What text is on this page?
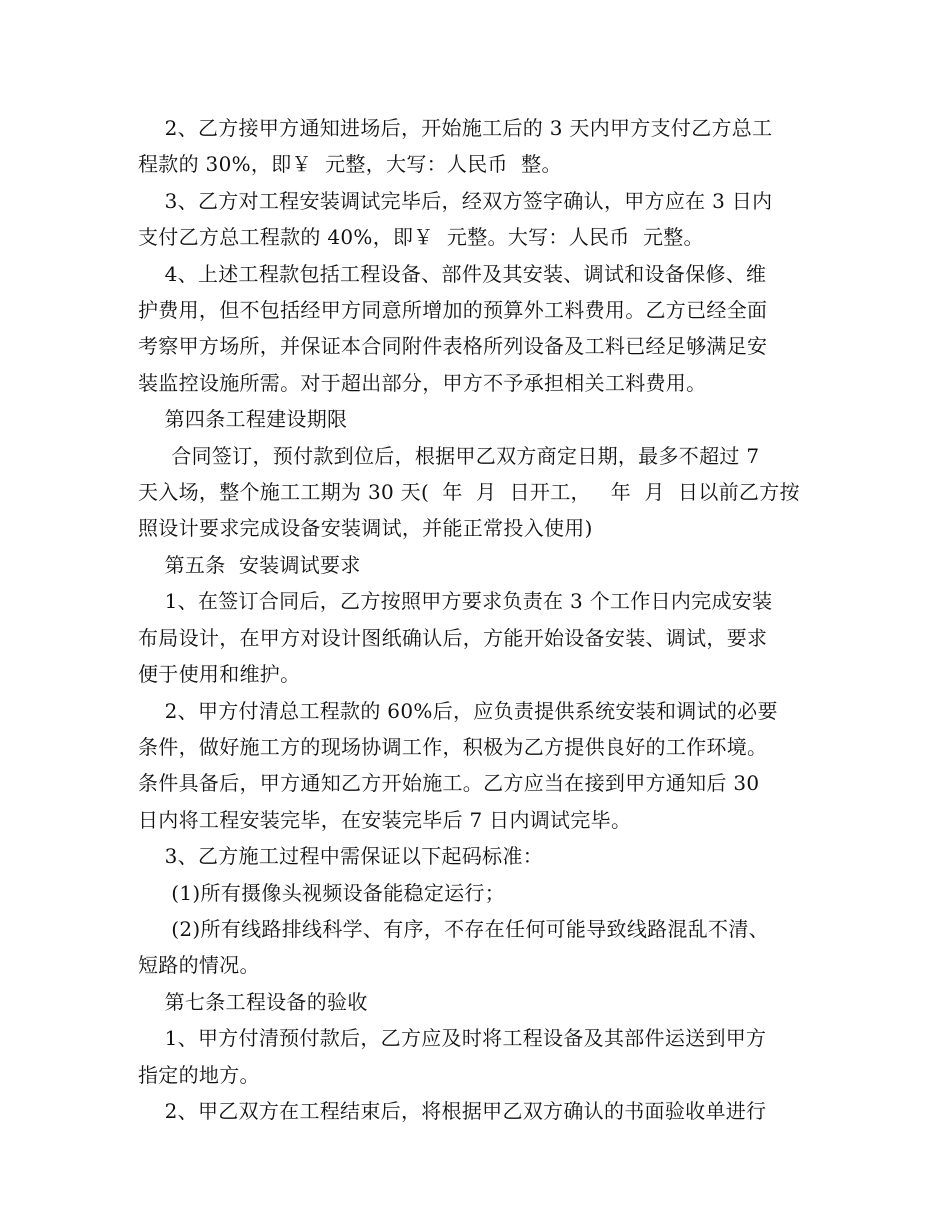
2、乙方接甲方通知进场后，开始施工后的 3 天内甲方支付乙方总工
程款的 30%，即￥  元整，大写：人民币  整。
3、乙方对工程安装调试完毕后，经双方签字确认，甲方应在 3 日内
支付乙方总工程款的 40%，即￥  元整。大写：人民币  元整。
4、上述工程款包括工程设备、部件及其安装、调试和设备保修、维
护费用，但不包括经甲方同意所增加的预算外工料费用。乙方已经全面
考察甲方场所，并保证本合同附件表格所列设备及工料已经足够满足安
装监控设施所需。对于超出部分，甲方不予承担相关工料费用。
第四条工程建设期限
合同签订，预付款到位后，根据甲乙双方商定日期，最多不超过 7
天入场，整个施工工期为 30 天(  年  月  日开工，   年  月  日以前乙方按
照设计要求完成设备安装调试，并能正常投入使用)
第五条  安装调试要求
1、在签订合同后，乙方按照甲方要求负责在 3 个工作日内完成安装
布局设计，在甲方对设计图纸确认后，方能开始设备安装、调试，要求
便于使用和维护。
2、甲方付清总工程款的 60%后，应负责提供系统安装和调试的必要
条件，做好施工方的现场协调工作，积极为乙方提供良好的工作环境。
条件具备后，甲方通知乙方开始施工。乙方应当在接到甲方通知后 30
日内将工程安装完毕，在安装完毕后 7 日内调试完毕。
3、乙方施工过程中需保证以下起码标准：
(1)所有摄像头视频设备能稳定运行；
(2)所有线路排线科学、有序，不存在任何可能导致线路混乱不清、
短路的情况。
第七条工程设备的验收
1、甲方付清预付款后，乙方应及时将工程设备及其部件运送到甲方
指定的地方。
2、甲乙双方在工程结束后，将根据甲乙双方确认的书面验收单进行
